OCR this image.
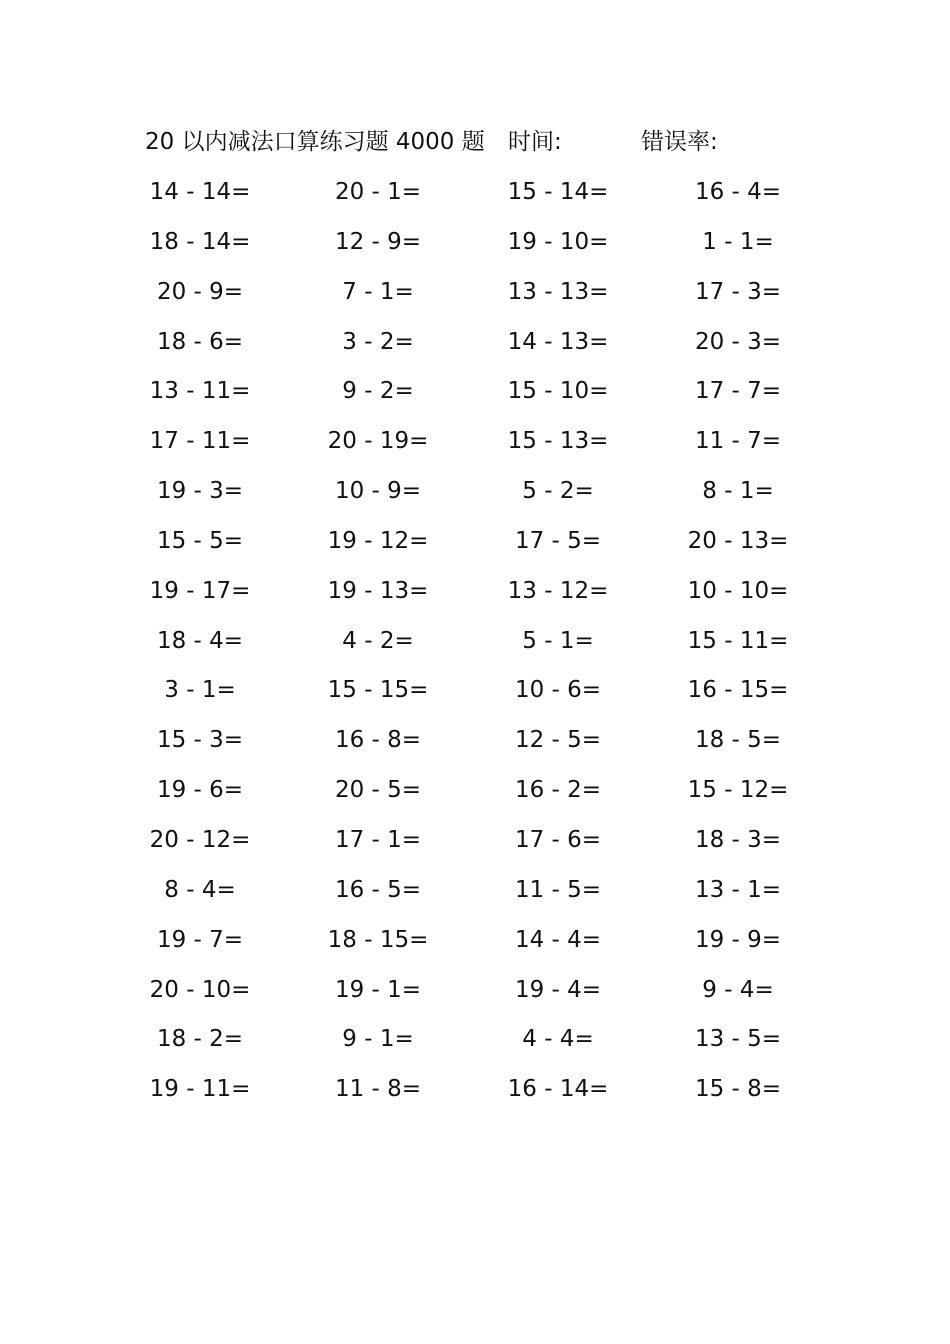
20 以内减法口算练习题 4000 题 时间:	错误率:
14 - 14=	20 - 1=	15 - 14=	16 - 4=
18 - 14=	12 - 9=	19 - 10=	1 - 1=
20 - 9=	7 - 1=	13 - 13=	17 - 3=
18 - 6=	3 - 2=	14 - 13=	20 - 3=
13 - 11=	9 - 2=	15 - 10=	17 - 7=
17 - 11=	20 - 19=	15 - 13=	11 - 7=
19 - 3=	10 - 9=	5 - 2=	8 - 1=
15 - 5=	19 - 12=	17 - 5=	20 - 13=
19 - 17=	19 - 13=	13 - 12=	10 - 10=
18 - 4=	4 - 2=	5 - 1=	15 - 11=
3 - 1=	15 - 15=	10 - 6=	16 - 15=
15 - 3=	16 - 8=	12 - 5=	18 - 5=
19 - 6=	20 - 5=	16 - 2=	15 - 12=
20 - 12=	17 - 1=	17 - 6=	18 - 3=
8 - 4=	16 - 5=	11 - 5=	13 - 1=
19 - 7=	18 - 15=	14 - 4=	19 - 9=
20 - 10=	19 - 1=	19 - 4=	9 - 4=
18 - 2=	9 - 1=	4 - 4=	13 - 5=
19 - 11=	11 - 8=	16 - 14=	15 - 8=
